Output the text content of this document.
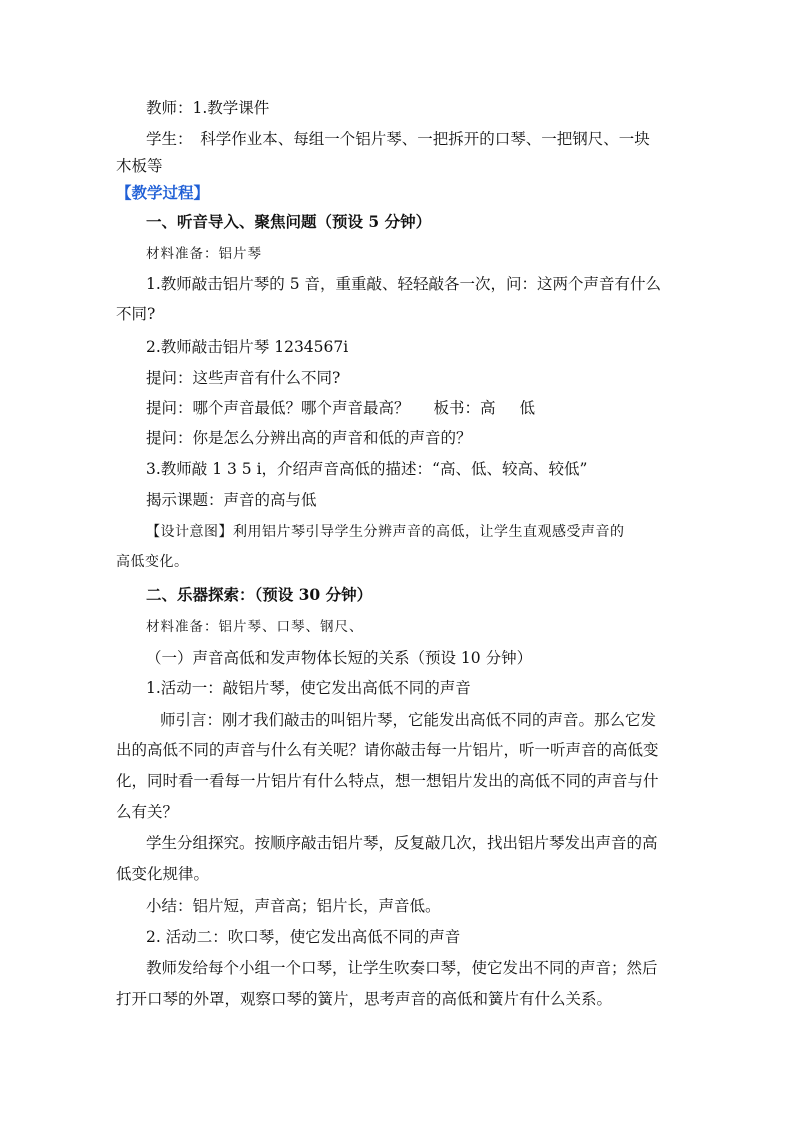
教师：1.教学课件
学生：　科学作业本、每组一个铝片琴、一把拆开的口琴、一把钢尺、一块
木板等
【教学过程】
一、听音导入、聚焦问题（预设 5 分钟）
材料准备：铝片琴
1.教师敲击铝片琴的 5 音，重重敲、轻轻敲各一次，问：这两个声音有什么
不同?
2.教师敲击铝片琴 1234567i
提问：这些声音有什么不同?
提问：哪个声音最低？哪个声音最高？ 板书：高 低
提问：你是怎么分辨出高的声音和低的声音的？
3.教师敲 1 3 5 i，介绍声音高低的描述：“高、低、较高、较低”
揭示课题：声音的高与低
【设计意图】利用铝片琴引导学生分辨声音的高低，让学生直观感受声音的
高低变化。
二、乐器探索：（预设 30 分钟）
材料准备：铝片琴、口琴、钢尺、
（一）声音高低和发声物体长短的关系（预设 10 分钟）
1.活动一：敲铝片琴，使它发出高低不同的声音
师引言：刚才我们敲击的叫铝片琴，它能发出高低不同的声音。那么它发
出的高低不同的声音与什么有关呢？请你敲击每一片铝片，听一听声音的高低变
化，同时看一看每一片铝片有什么特点，想一想铝片发出的高低不同的声音与什
么有关？
学生分组探究。按顺序敲击铝片琴，反复敲几次，找出铝片琴发出声音的高
低变化规律。
小结：铝片短，声音高；铝片长，声音低。
2. 活动二：吹口琴，使它发出高低不同的声音
教师发给每个小组一个口琴，让学生吹奏口琴，使它发出不同的声音；然后
打开口琴的外罩，观察口琴的簧片，思考声音的高低和簧片有什么关系。
